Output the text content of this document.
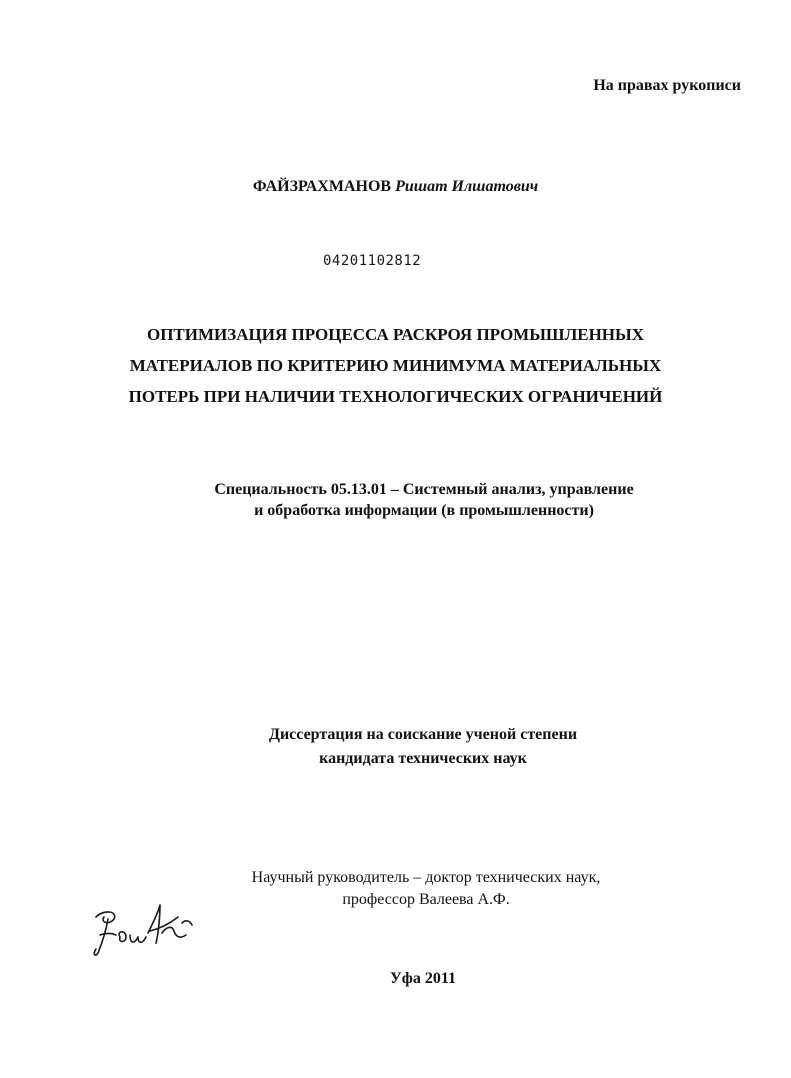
На правах рукописи
ФАЙЗРАХМАНОВ Ришат Илшатович
04201102812
ОПТИМИЗАЦИЯ ПРОЦЕССА РАСКРОЯ ПРОМЫШЛЕННЫХ
МАТЕРИАЛОВ ПО КРИТЕРИЮ МИНИМУМА МАТЕРИАЛЬНЫХ
ПОТЕРЬ ПРИ НАЛИЧИИ ТЕХНОЛОГИЧЕСКИХ ОГРАНИЧЕНИЙ
Специальность 05.13.01 – Системный анализ, управление
и обработка информации (в промышленности)
Диссертация на соискание ученой степени
кандидата технических наук
Научный руководитель – доктор технических наук,
профессор Валеева А.Ф.
Уфа 2011
